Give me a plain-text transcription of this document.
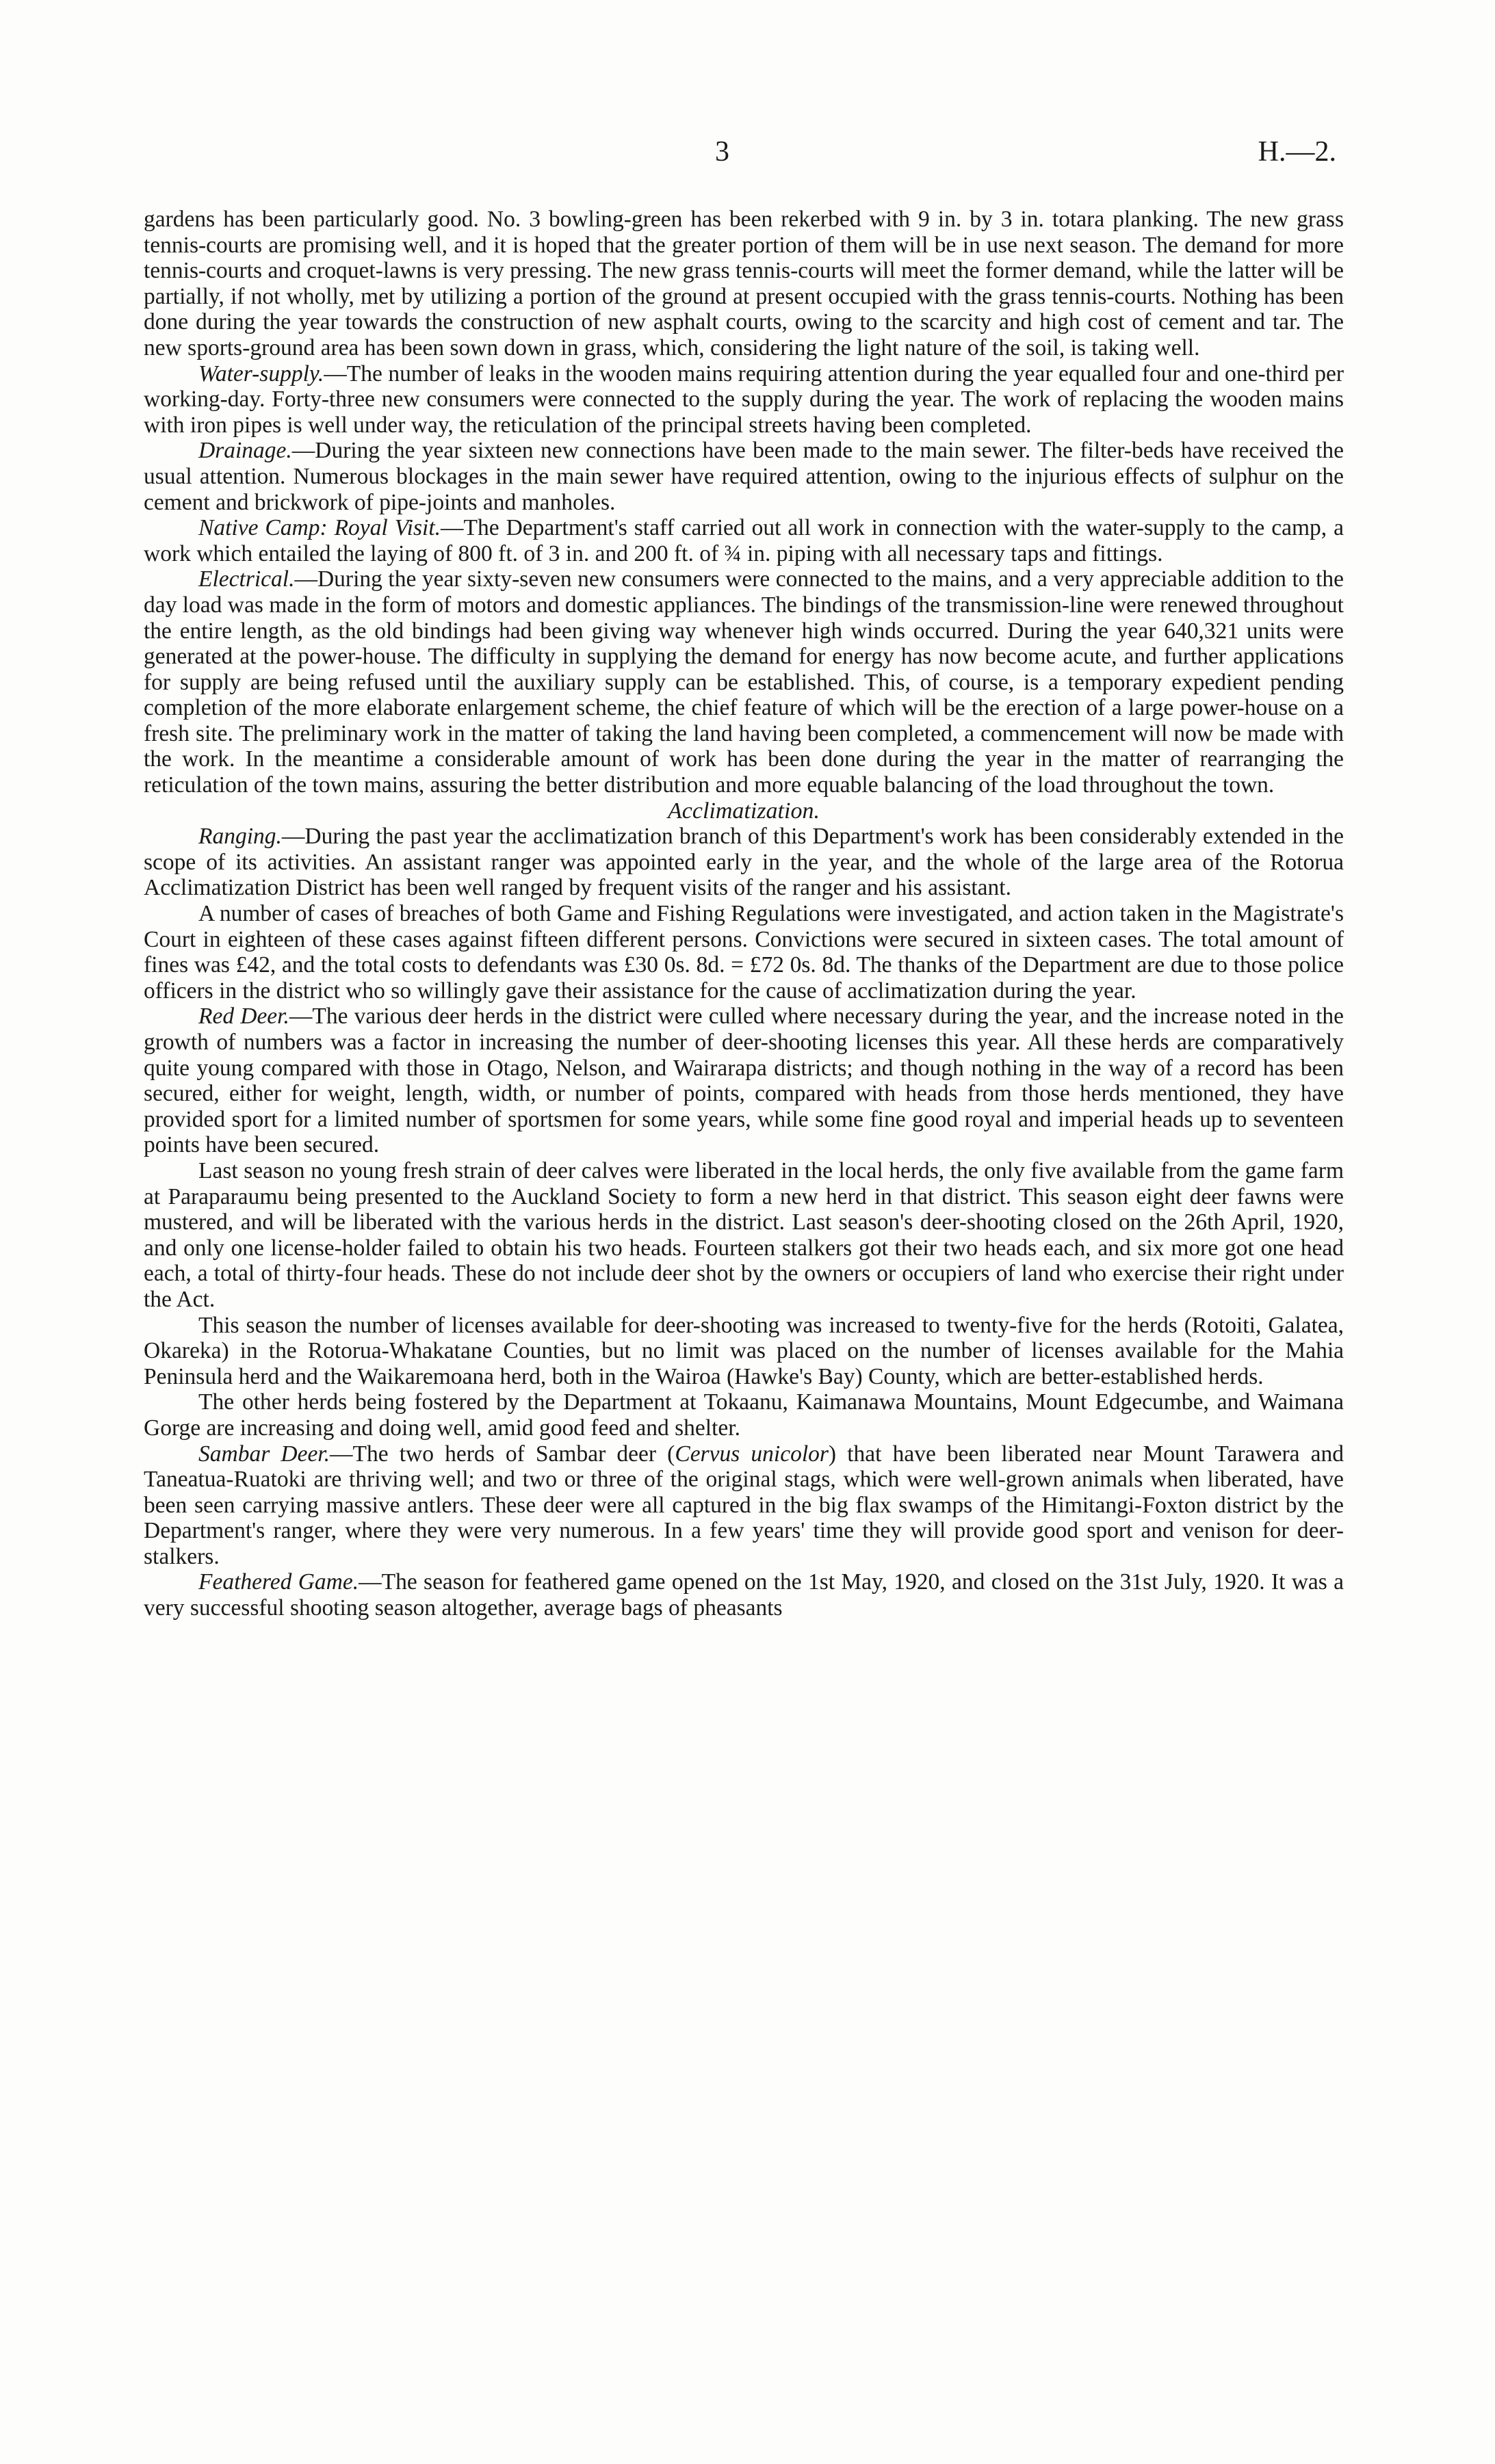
3	H.—2.

gardens has been particularly good. No. 3 bowling-green has been rekerbed with 9 in. by 3 in. totara planking. The new grass tennis-courts are promising well, and it is hoped that the greater portion of them will be in use next season. The demand for more tennis-courts and croquet-lawns is very pressing. The new grass tennis-courts will meet the former demand, while the latter will be partially, if not wholly, met by utilizing a portion of the ground at present occupied with the grass tennis-courts. Nothing has been done during the year towards the construction of new asphalt courts, owing to the scarcity and high cost of cement and tar. The new sports-ground area has been sown down in grass, which, considering the light nature of the soil, is taking well.

Water-supply.—The number of leaks in the wooden mains requiring attention during the year equalled four and one-third per working-day. Forty-three new consumers were connected to the supply during the year. The work of replacing the wooden mains with iron pipes is well under way, the reticulation of the principal streets having been completed.

Drainage.—During the year sixteen new connections have been made to the main sewer. The filter-beds have received the usual attention. Numerous blockages in the main sewer have required attention, owing to the injurious effects of sulphur on the cement and brickwork of pipe-joints and manholes.

Native Camp: Royal Visit.—The Department's staff carried out all work in connection with the water-supply to the camp, a work which entailed the laying of 800 ft. of 3 in. and 200 ft. of ¾ in. piping with all necessary taps and fittings.

Electrical.—During the year sixty-seven new consumers were connected to the mains, and a very appreciable addition to the day load was made in the form of motors and domestic appliances. The bindings of the transmission-line were renewed throughout the entire length, as the old bindings had been giving way whenever high winds occurred. During the year 640,321 units were generated at the power-house. The difficulty in supplying the demand for energy has now become acute, and further applications for supply are being refused until the auxiliary supply can be established. This, of course, is a temporary expedient pending completion of the more elaborate enlargement scheme, the chief feature of which will be the erection of a large power-house on a fresh site. The preliminary work in the matter of taking the land having been completed, a commencement will now be made with the work. In the meantime a considerable amount of work has been done during the year in the matter of rearranging the reticulation of the town mains, assuring the better distribution and more equable balancing of the load throughout the town.

Acclimatization.

Ranging.—During the past year the acclimatization branch of this Department's work has been considerably extended in the scope of its activities. An assistant ranger was appointed early in the year, and the whole of the large area of the Rotorua Acclimatization District has been well ranged by frequent visits of the ranger and his assistant.

A number of cases of breaches of both Game and Fishing Regulations were investigated, and action taken in the Magistrate's Court in eighteen of these cases against fifteen different persons. Convictions were secured in sixteen cases. The total amount of fines was £42, and the total costs to defendants was £30 0s. 8d. = £72 0s. 8d. The thanks of the Department are due to those police officers in the district who so willingly gave their assistance for the cause of acclimatization during the year.

Red Deer.—The various deer herds in the district were culled where necessary during the year, and the increase noted in the growth of numbers was a factor in increasing the number of deer-shooting licenses this year. All these herds are comparatively quite young compared with those in Otago, Nelson, and Wairarapa districts; and though nothing in the way of a record has been secured, either for weight, length, width, or number of points, compared with heads from those herds mentioned, they have provided sport for a limited number of sportsmen for some years, while some fine good royal and imperial heads up to seventeen points have been secured.

Last season no young fresh strain of deer calves were liberated in the local herds, the only five available from the game farm at Paraparaumu being presented to the Auckland Society to form a new herd in that district. This season eight deer fawns were mustered, and will be liberated with the various herds in the district. Last season's deer-shooting closed on the 26th April, 1920, and only one license-holder failed to obtain his two heads. Fourteen stalkers got their two heads each, and six more got one head each, a total of thirty-four heads. These do not include deer shot by the owners or occupiers of land who exercise their right under the Act.

This season the number of licenses available for deer-shooting was increased to twenty-five for the herds (Rotoiti, Galatea, Okareka) in the Rotorua-Whakatane Counties, but no limit was placed on the number of licenses available for the Mahia Peninsula herd and the Waikaremoana herd, both in the Wairoa (Hawke's Bay) County, which are better-established herds.

The other herds being fostered by the Department at Tokaanu, Kaimanawa Mountains, Mount Edgecumbe, and Waimana Gorge are increasing and doing well, amid good feed and shelter.

Sambar Deer.—The two herds of Sambar deer (Cervus unicolor) that have been liberated near Mount Tarawera and Taneatua-Ruatoki are thriving well; and two or three of the original stags, which were well-grown animals when liberated, have been seen carrying massive antlers. These deer were all captured in the big flax swamps of the Himitangi-Foxton district by the Department's ranger, where they were very numerous. In a few years' time they will provide good sport and venison for deer-stalkers.

Feathered Game.—The season for feathered game opened on the 1st May, 1920, and closed on the 31st July, 1920. It was a very successful shooting season altogether, average bags of pheasants
